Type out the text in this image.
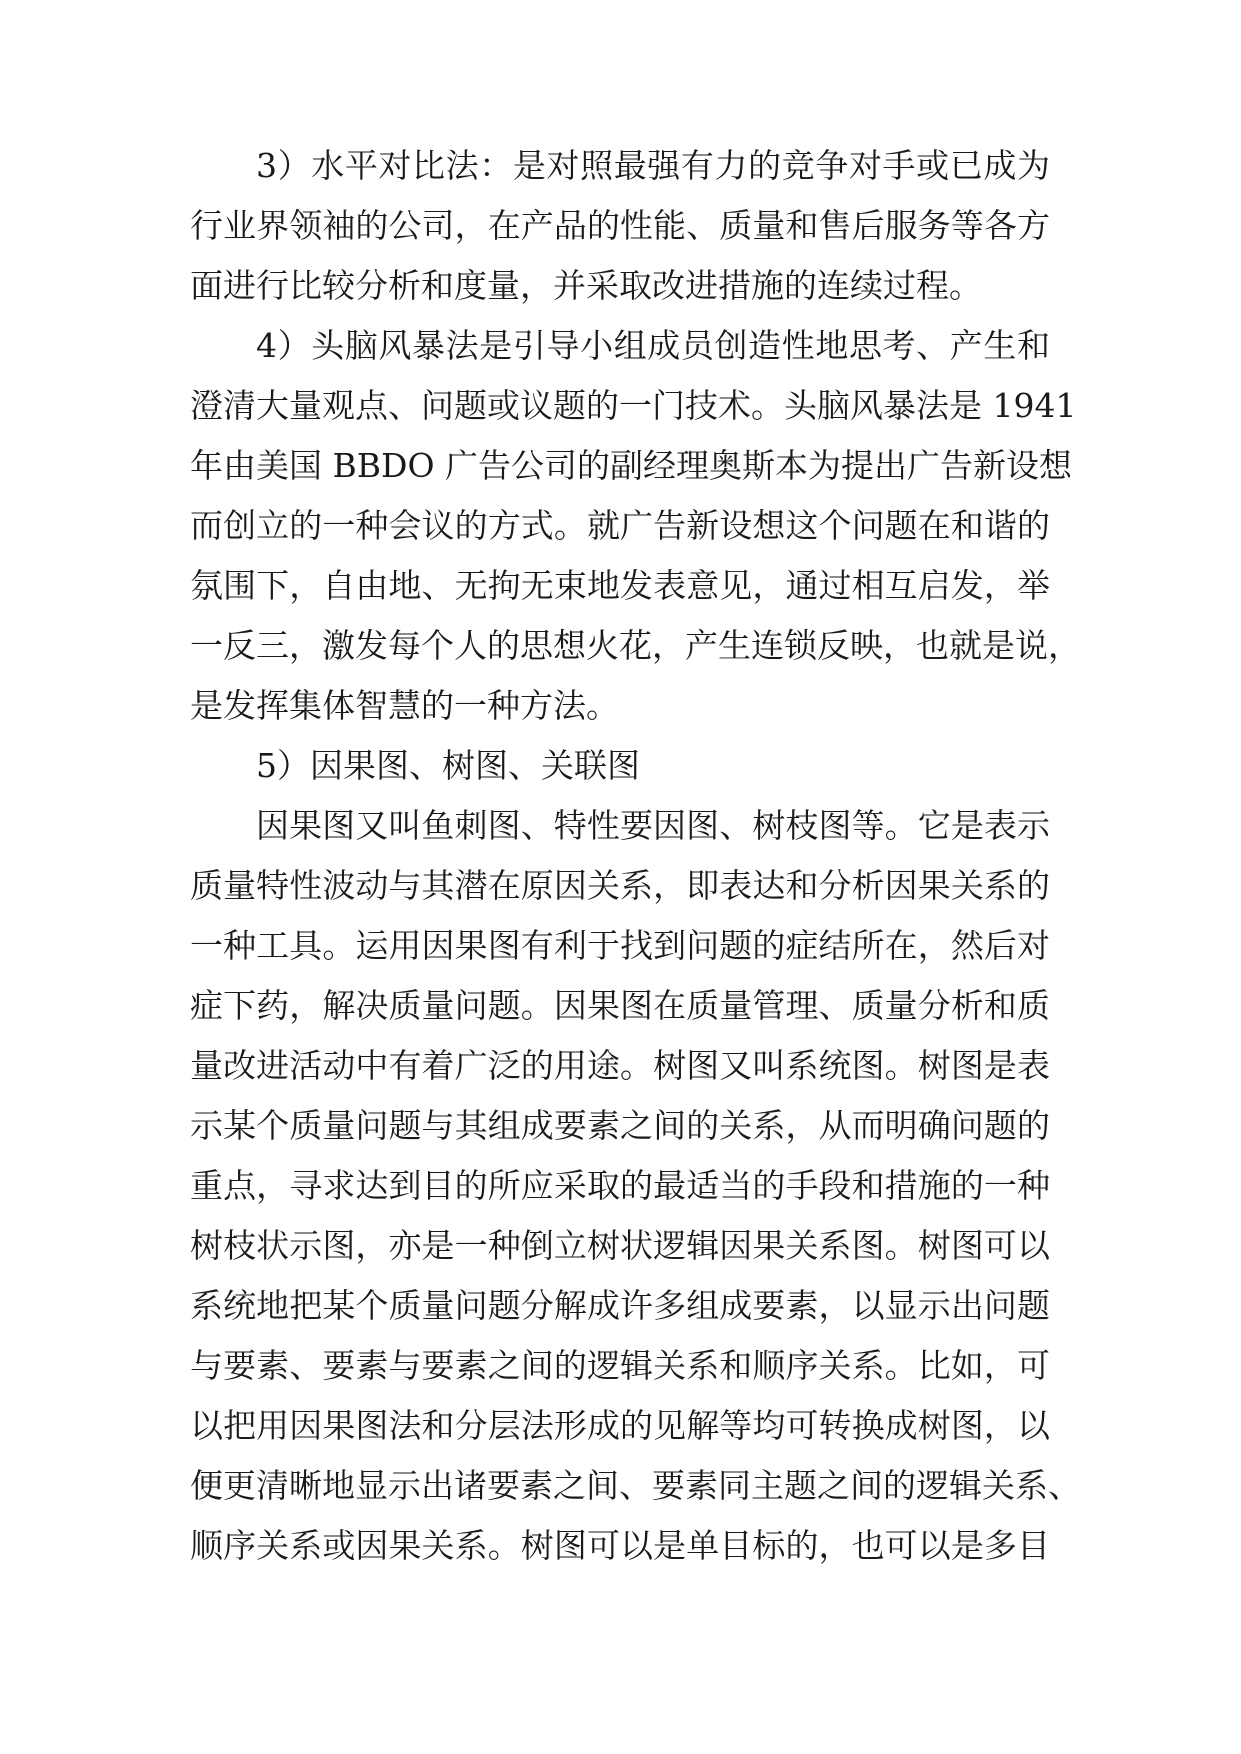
3）水平对比法：是对照最强有力的竞争对手或已成为
行业界领袖的公司，在产品的性能、质量和售后服务等各方
面进行比较分析和度量，并采取改进措施的连续过程。
4）头脑风暴法是引导小组成员创造性地思考、产生和
澄清大量观点、问题或议题的一门技术。头脑风暴法是 1941
年由美国 BBDO 广告公司的副经理奥斯本为提出广告新设想
而创立的一种会议的方式。就广告新设想这个问题在和谐的
氛围下，自由地、无拘无束地发表意见，通过相互启发，举
一反三，激发每个人的思想火花，产生连锁反映，也就是说，
是发挥集体智慧的一种方法。
5）因果图、树图、关联图
因果图又叫鱼刺图、特性要因图、树枝图等。它是表示
质量特性波动与其潜在原因关系，即表达和分析因果关系的
一种工具。运用因果图有利于找到问题的症结所在，然后对
症下药，解决质量问题。因果图在质量管理、质量分析和质
量改进活动中有着广泛的用途。树图又叫系统图。树图是表
示某个质量问题与其组成要素之间的关系，从而明确问题的
重点，寻求达到目的所应采取的最适当的手段和措施的一种
树枝状示图，亦是一种倒立树状逻辑因果关系图。树图可以
系统地把某个质量问题分解成许多组成要素，以显示出问题
与要素、要素与要素之间的逻辑关系和顺序关系。比如，可
以把用因果图法和分层法形成的见解等均可转换成树图，以
便更清晰地显示出诸要素之间、要素同主题之间的逻辑关系、
顺序关系或因果关系。树图可以是单目标的，也可以是多目
